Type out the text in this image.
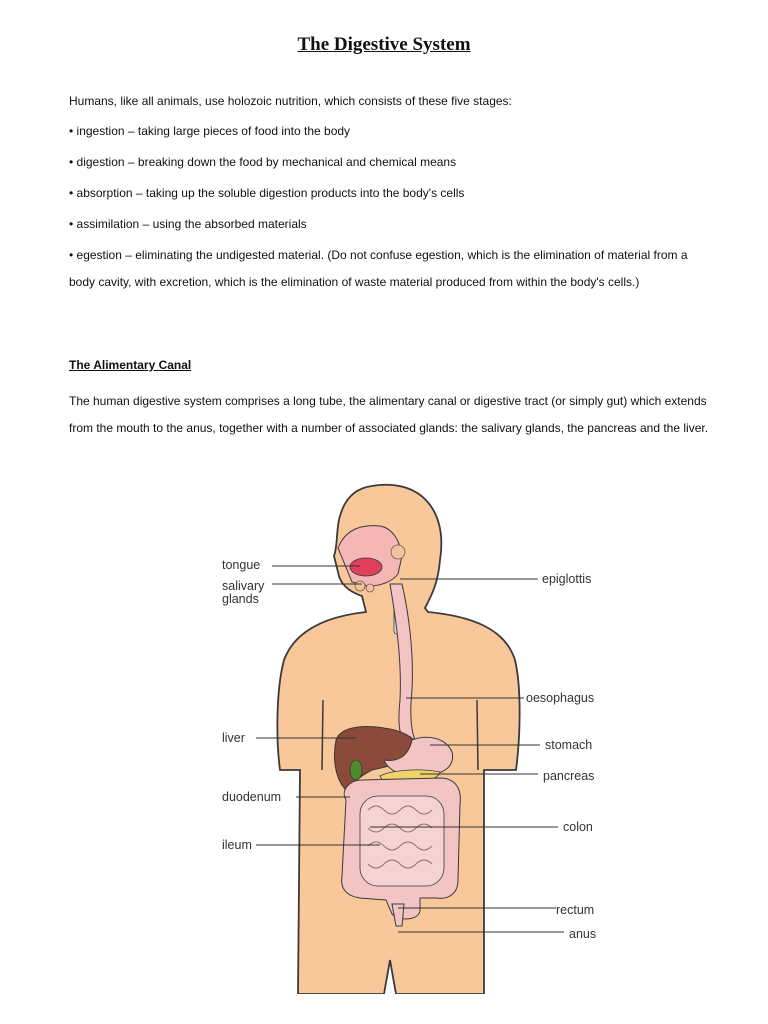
The Digestive System
Humans, like all animals, use holozoic nutrition, which consists of these five stages:
• ingestion – taking large pieces of food into the body
• digestion – breaking down the food by mechanical and chemical means
• absorption – taking up the soluble digestion products into the body's cells
• assimilation – using the absorbed materials
• egestion – eliminating the undigested material. (Do not confuse egestion, which is the elimination of material from a body cavity, with excretion, which is the elimination of waste material produced from within the body's cells.)
The Alimentary Canal
The human digestive system comprises a long tube, the alimentary canal or digestive tract (or simply gut) which extends from the mouth to the anus, together with a number of associated glands: the salivary glands, the pancreas and the liver.
tongue
salivary
glands
epiglottis
oesophagus
liver	stomach
pancreas
duodenum
colon
ileum
rectum
anus
